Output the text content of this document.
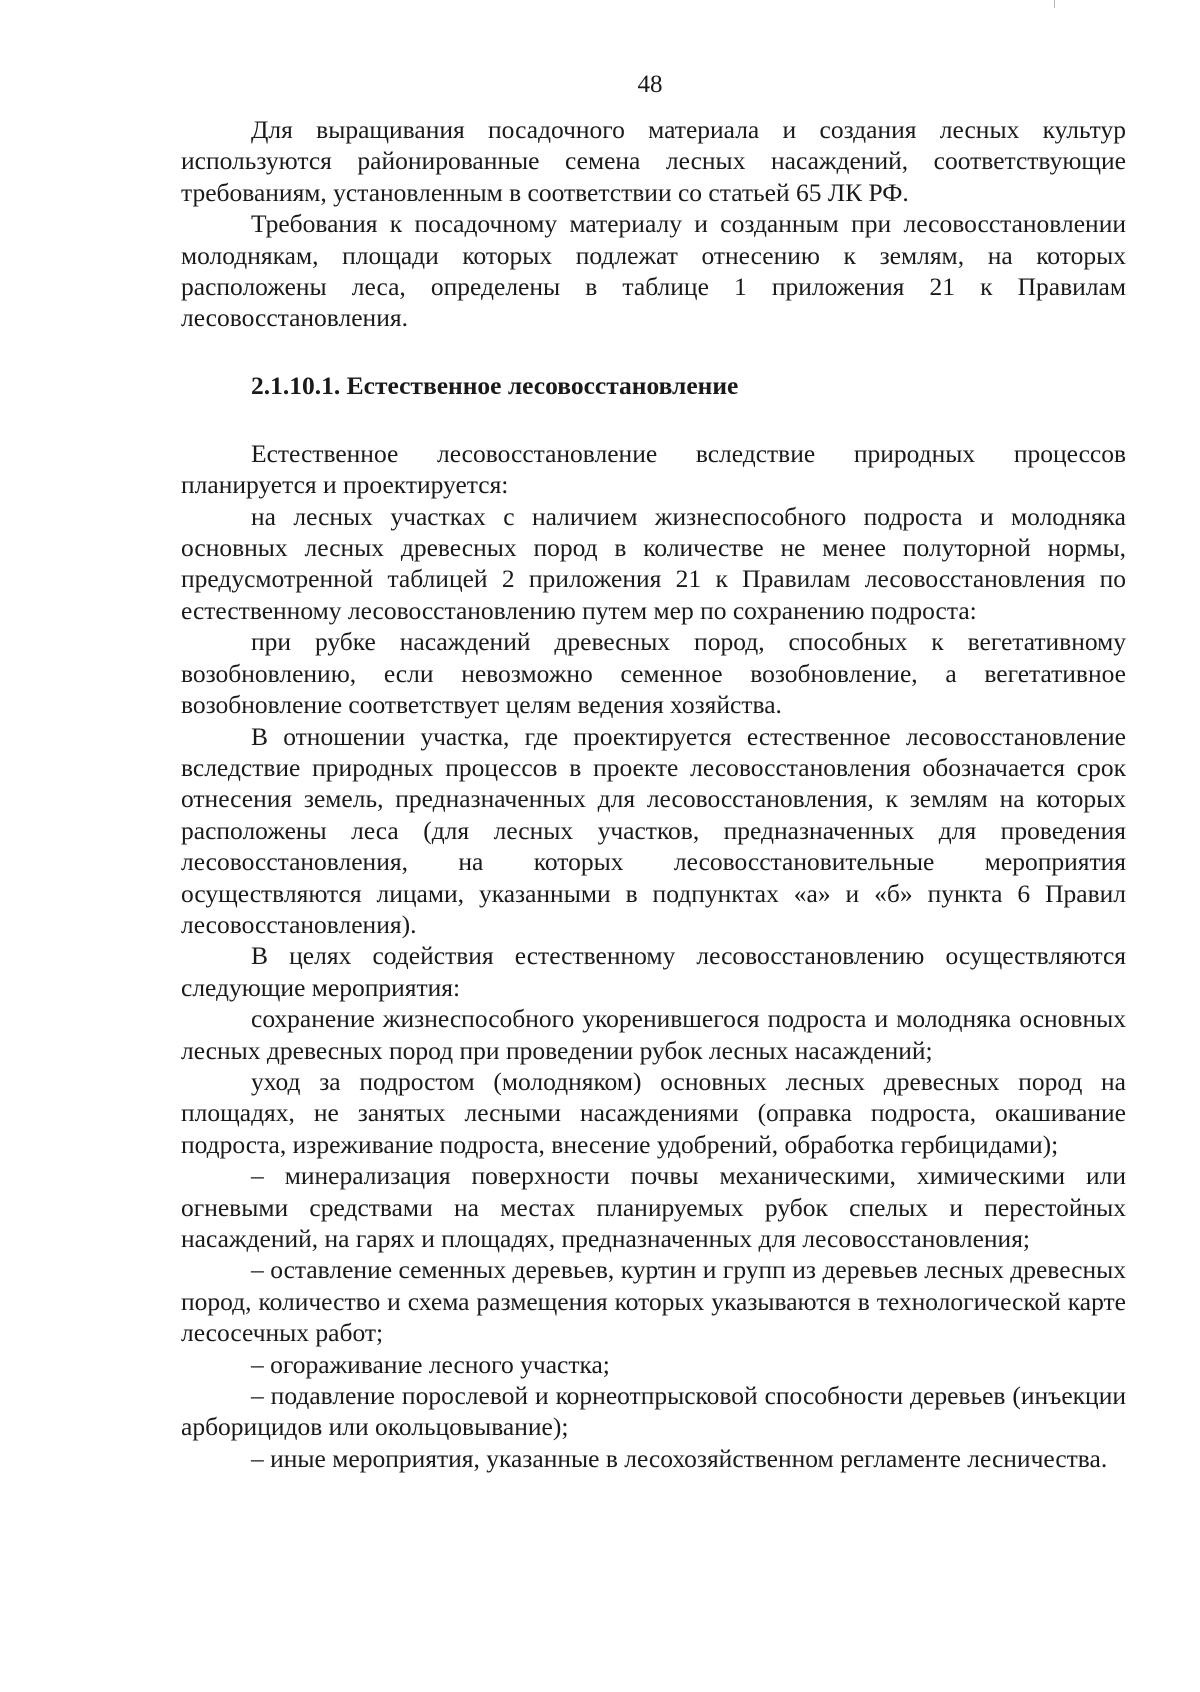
48

Для выращивания посадочного материала и создания лесных культур используются районированные семена лесных насаждений, соответствующие требованиям, установленным в соответствии со статьей 65 ЛК РФ.

Требования к посадочному материалу и созданным при лесовосстановлении молоднякам, площади которых подлежат отнесению к землям, на которых расположены леса, определены в таблице 1 приложения 21 к Правилам лесовосстановления.

2.1.10.1. Естественное лесовосстановление

Естественное лесовосстановление вследствие природных процессов планируется и проектируется:

на лесных участках с наличием жизнеспособного подроста и молодняка основных лесных древесных пород в количестве не менее полуторной нормы, предусмотренной таблицей 2 приложения 21 к Правилам лесовосстановления по естественному лесовосстановлению путем мер по сохранению подроста:

при рубке насаждений древесных пород, способных к вегетативному возобновлению, если невозможно семенное возобновление, а вегетативное возобновление соответствует целям ведения хозяйства.

В отношении участка, где проектируется естественное лесовосстановление вследствие природных процессов в проекте лесовосстановления обозначается срок отнесения земель, предназначенных для лесовосстановления, к землям на которых расположены леса (для лесных участков, предназначенных для проведения лесовосстановления, на которых лесовосстановительные мероприятия осуществляются лицами, указанными в подпунктах «а» и «б» пункта 6 Правил лесовосстановления).

В целях содействия естественному лесовосстановлению осуществляются следующие мероприятия:

сохранение жизнеспособного укоренившегося подроста и молодняка основных лесных древесных пород при проведении рубок лесных насаждений;

уход за подростом (молодняком) основных лесных древесных пород на площадях, не занятых лесными насаждениями (оправка подроста, окашивание подроста, изреживание подроста, внесение удобрений, обработка гербицидами);

– минерализация поверхности почвы механическими, химическими или огневыми средствами на местах планируемых рубок спелых и перестойных насаждений, на гарях и площадях, предназначенных для лесовосстановления;

– оставление семенных деревьев, куртин и групп из деревьев лесных древесных пород, количество и схема размещения которых указываются в технологической карте лесосечных работ;

– огораживание лесного участка;

– подавление порослевой и корнеотпрысковой способности деревьев (инъекции арборицидов или окольцовывание);

– иные мероприятия, указанные в лесохозяйственном регламенте лесничества.
